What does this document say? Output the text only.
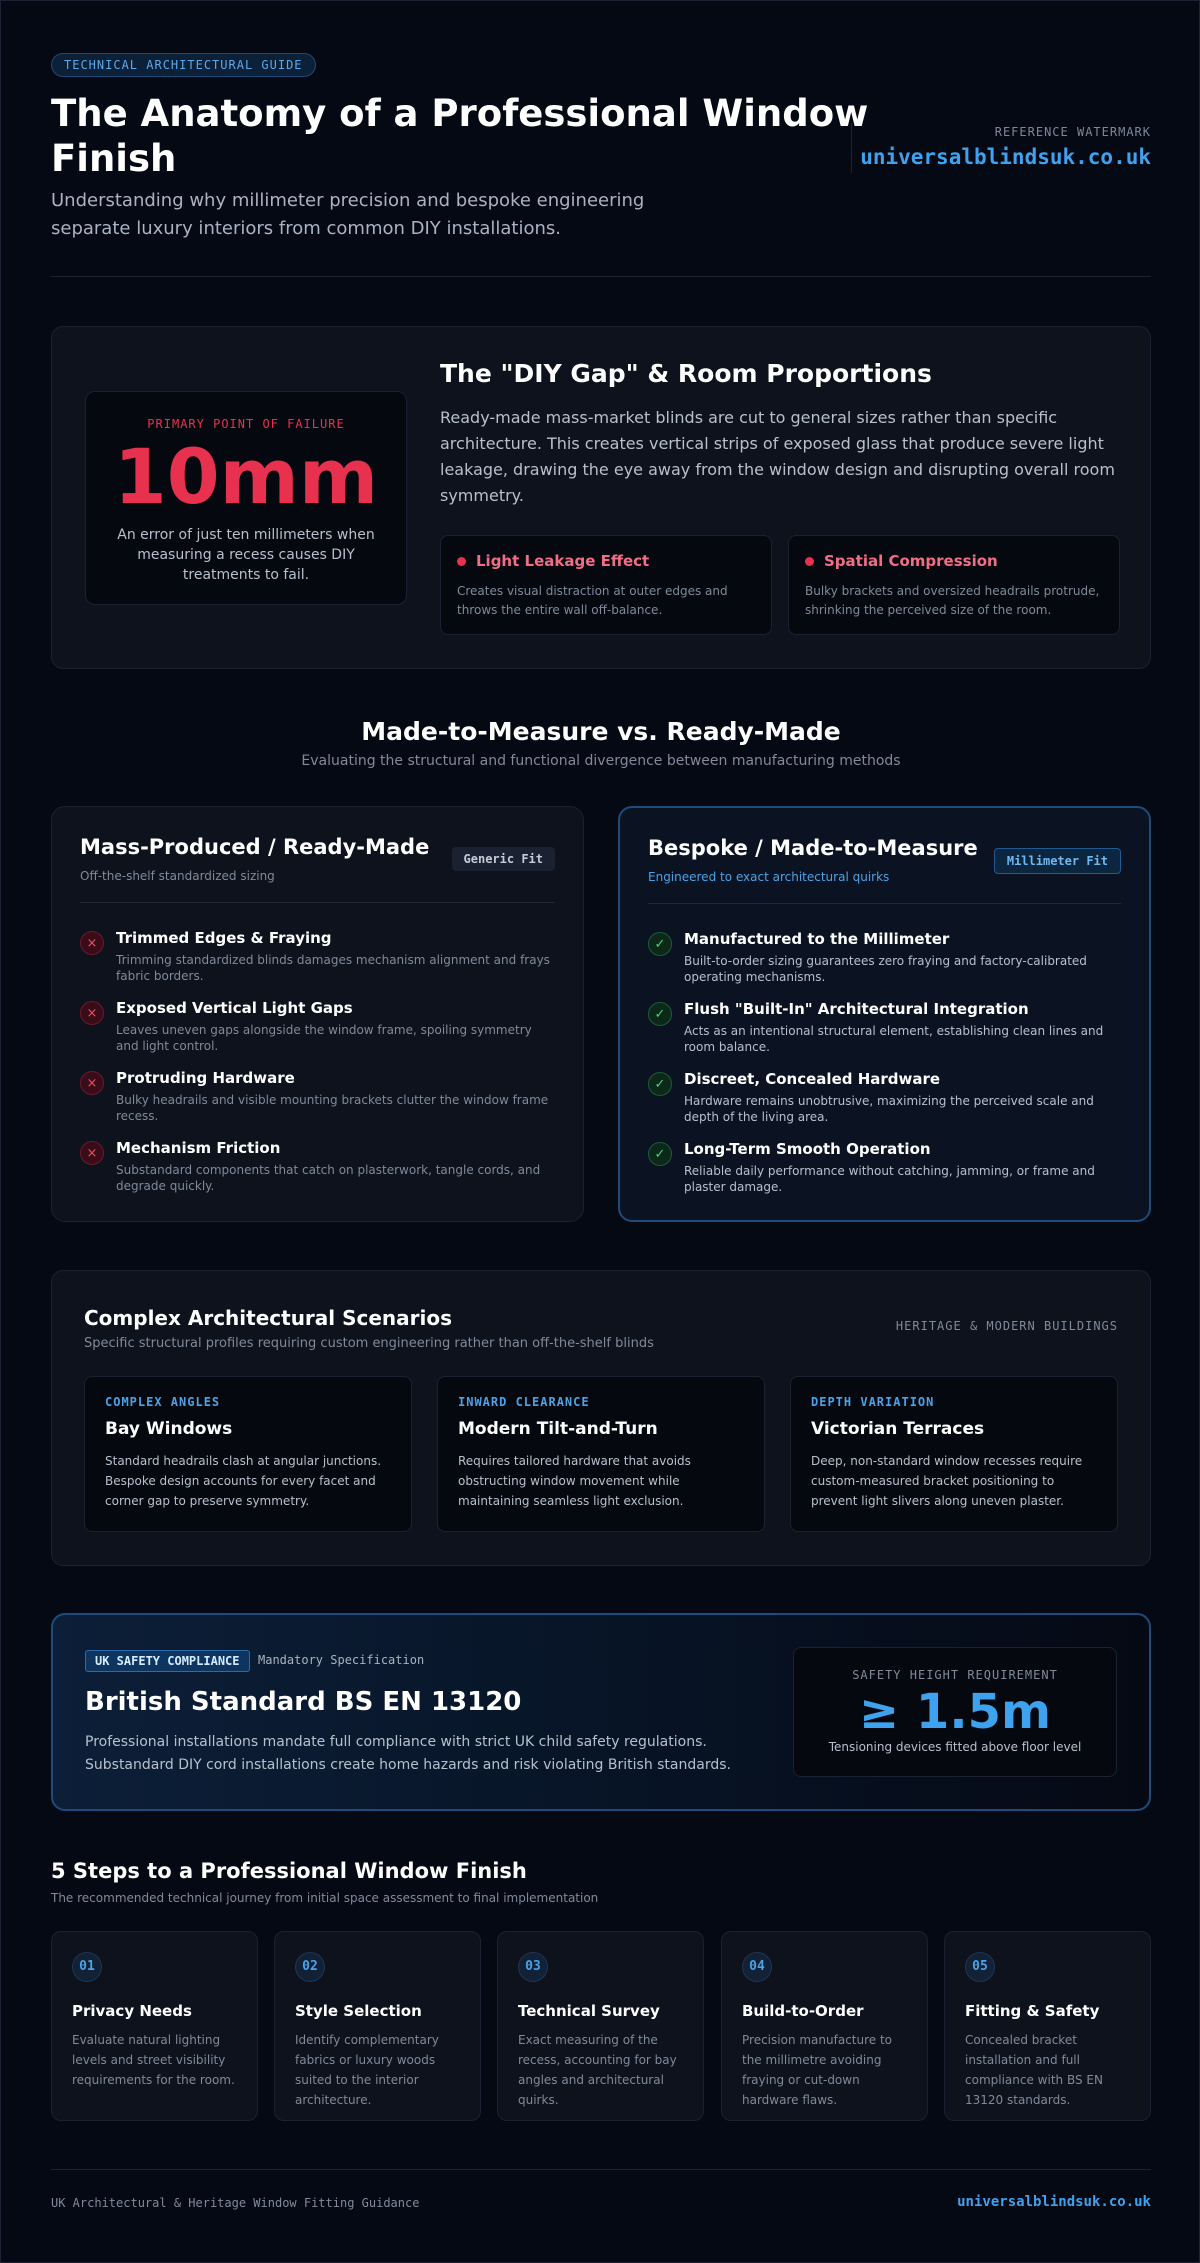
TECHNICAL ARCHITECTURAL GUIDE
The Anatomy of a Professional Window Finish
Understanding why millimeter precision and bespoke engineering separate luxury interiors from common DIY installations.
REFERENCE WATERMARK
universalblindsuk.co.uk
PRIMARY POINT OF FAILURE
10mm
An error of just ten millimeters when measuring a recess causes DIY treatments to fail.
The "DIY Gap" & Room Proportions
Ready-made mass-market blinds are cut to general sizes rather than specific architecture. This creates vertical strips of exposed glass that produce severe light leakage, drawing the eye away from the window design and disrupting overall room symmetry.
Light Leakage Effect
Creates visual distraction at outer edges and throws the entire wall off-balance.
Spatial Compression
Bulky brackets and oversized headrails protrude, shrinking the perceived size of the room.
Made-to-Measure vs. Ready-Made
Evaluating the structural and functional divergence between manufacturing methods
Mass-Produced / Ready-Made
Off-the-shelf standardized sizing
Generic Fit
×	Trimmed Edges & Fraying
Trimming standardized blinds damages mechanism alignment and frays fabric borders.
×	Exposed Vertical Light Gaps
Leaves uneven gaps alongside the window frame, spoiling symmetry and light control.
×	Protruding Hardware
Bulky headrails and visible mounting brackets clutter the window frame recess.
×	Mechanism Friction
Substandard components that catch on plasterwork, tangle cords, and degrade quickly.
Bespoke / Made-to-Measure
Engineered to exact architectural quirks
Millimeter Fit
✓	Manufactured to the Millimeter
Built-to-order sizing guarantees zero fraying and factory-calibrated operating mechanisms.
✓	Flush "Built-In" Architectural Integration
Acts as an intentional structural element, establishing clean lines and room balance.
✓	Discreet, Concealed Hardware
Hardware remains unobtrusive, maximizing the perceived scale and depth of the living area.
✓	Long-Term Smooth Operation
Reliable daily performance without catching, jamming, or frame and plaster damage.
Complex Architectural Scenarios
Specific structural profiles requiring custom engineering rather than off-the-shelf blinds
HERITAGE & MODERN BUILDINGS
COMPLEX ANGLES
Bay Windows
Standard headrails clash at angular junctions. Bespoke design accounts for every facet and corner gap to preserve symmetry.
INWARD CLEARANCE
Modern Tilt-and-Turn
Requires tailored hardware that avoids obstructing window movement while maintaining seamless light exclusion.
DEPTH VARIATION
Victorian Terraces
Deep, non-standard window recesses require custom-measured bracket positioning to prevent light slivers along uneven plaster.
UK SAFETY COMPLIANCE	Mandatory Specification
British Standard BS EN 13120
Professional installations mandate full compliance with strict UK child safety regulations. Substandard DIY cord installations create home hazards and risk violating British standards.
SAFETY HEIGHT REQUIREMENT
≥ 1.5m
Tensioning devices fitted above floor level
5 Steps to a Professional Window Finish
The recommended technical journey from initial space assessment to final implementation
01
Privacy Needs
Evaluate natural lighting levels and street visibility requirements for the room.
02
Style Selection
Identify complementary fabrics or luxury woods suited to the interior architecture.
03
Technical Survey
Exact measuring of the recess, accounting for bay angles and architectural quirks.
04
Build-to-Order
Precision manufacture to the millimetre avoiding fraying or cut-down hardware flaws.
05
Fitting & Safety
Concealed bracket installation and full compliance with BS EN 13120 standards.
UK Architectural & Heritage Window Fitting Guidance	universalblindsuk.co.uk
